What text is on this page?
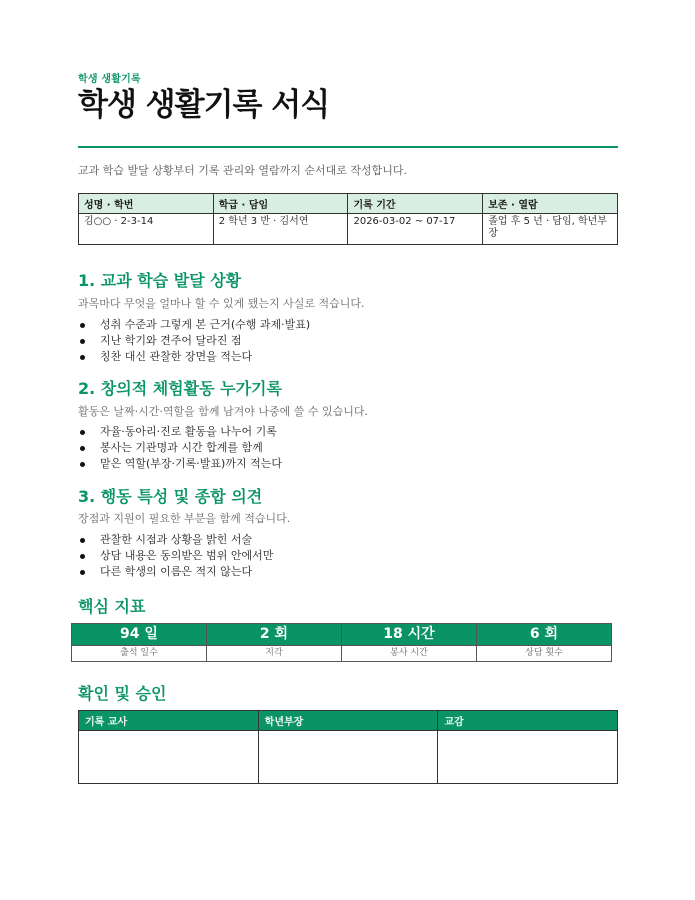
학생 생활기록
학생 생활기록 서식
교과 학습 발달 상황부터 기록 관리와 열람까지 순서대로 작성합니다.
성명 · 학번	학급 · 담임	기록 기간	보존 · 열람
김○○ · 2-3-14	2 학년 3 반 · 김서연	2026-03-02 ~ 07-17	졸업 후 5 년 · 담임, 학년부장
1. 교과 학습 발달 상황
과목마다 무엇을 얼마나 할 수 있게 됐는지 사실로 적습니다.
성취 수준과 그렇게 본 근거(수행 과제·발표)
지난 학기와 견주어 달라진 점
칭찬 대신 관찰한 장면을 적는다
2. 창의적 체험활동 누가기록
활동은 날짜·시간·역할을 함께 남겨야 나중에 쓸 수 있습니다.
자율·동아리·진로 활동을 나누어 기록
봉사는 기관명과 시간 합계를 함께
맡은 역할(부장·기록·발표)까지 적는다
3. 행동 특성 및 종합 의견
장점과 지원이 필요한 부분을 함께 적습니다.
관찰한 시점과 상황을 밝힌 서술
상담 내용은 동의받은 범위 안에서만
다른 학생의 이름은 적지 않는다
핵심 지표
94 일	2 회	18 시간	6 회
출석 일수	지각	봉사 시간	상담 횟수
확인 및 승인
기록 교사	학년부장	교감
